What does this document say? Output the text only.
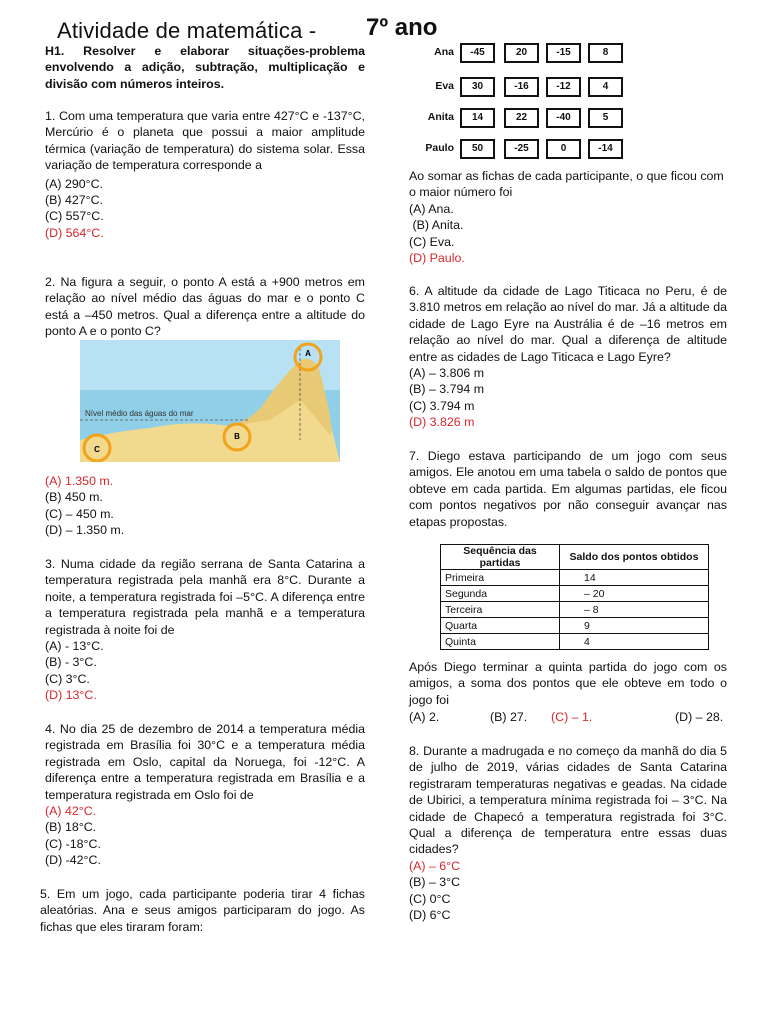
Atividade de matemática - 7º ano
H1. Resolver e elaborar situações-problema envolvendo a adição, subtração, multiplicação e divisão com números inteiros.

1. Com uma temperatura que varia entre 427°C e -137°C, Mercúrio é o planeta que possui a maior amplitude térmica (variação de temperatura) do sistema solar. Essa variação de temperatura corresponde a

(A) 290°C.
(B) 427°C.
(C) 557°C.
(D) 564°C.
2. Na figura a seguir, o ponto A está a +900 metros em relação ao nível médio das águas do mar e o ponto C está a –450 metros. Qual a diferença entre a altitude do ponto A e o ponto C?
Nível médio das águas do mar
A
B
C
(A) 1.350 m.
(B) 450 m.
(C) – 450 m.
(D) – 1.350 m.

3. Numa cidade da região serrana de Santa Catarina a temperatura registrada pela manhã era 8°C. Durante a noite, a temperatura registrada foi –5°C. A diferença entre a temperatura registrada pela manhã e a temperatura registrada à noite foi de

(A) - 13°C.
(B) - 3°C.
(C) 3°C.
(D) 13°C.

4. No dia 25 de dezembro de 2014 a temperatura média registrada em Brasília foi 30°C e a temperatura média registrada em Oslo, capital da Noruega, foi -12°C. A diferença entre a temperatura registrada em Brasília e a temperatura registrada em Oslo foi de

(A) 42°C.
(B) 18°C.
(C) -18°C.
(D) -42°C.
5. Em um jogo, cada participante poderia tirar 4 fichas aleatórias. Ana e seus amigos participaram do jogo. As fichas que eles tiraram foram:
Ana	-45	20	-15	8
Eva	30	-16	-12	4
Anita	14	22	-40	5
Paulo	50	-25	0	-14

Ao somar as fichas de cada participante, o que ficou com o maior número foi

(A) Ana.
(B) Anita.
(C) Eva.
(D) Paulo.

6. A altitude da cidade de Lago Titicaca no Peru, é de 3.810 metros em relação ao nível do mar. Já a altitude da cidade de Lago Eyre na Austrália é de –16 metros em relação ao nível do mar. Qual a diferença de altitude entre as cidades de Lago Titicaca e Lago Eyre?

(A) – 3.806 m
(B) – 3.794 m
(C) 3.794 m
(D) 3.826 m
7. Diego estava participando de um jogo com seus amigos. Ele anotou em uma tabela o saldo de pontos que obteve em cada partida. Em algumas partidas, ele ficou com pontos negativos por não conseguir avançar nas etapas propostas.
Sequência das partidas	Saldo dos pontos obtidos
Primeira	14
Segunda	– 20
Terceira	– 8
Quarta	9
Quinta	4
Após Diego terminar a quinta partida do jogo com os amigos, a soma dos pontos que ele obteve em todo o jogo foi
(A) 2.	(B) 27. (C) – 1.	(D) – 28.

8. Durante a madrugada e no começo da manhã do dia 5 de julho de 2019, várias cidades de Santa Catarina registraram temperaturas negativas e geadas. Na cidade de Ubirici, a temperatura mínima registrada foi – 3°C. Na cidade de Chapecó a temperatura registrada foi 3°C. Qual a diferença de temperatura entre essas duas cidades?

(A) – 6°C
(B) – 3°C
(C) 0°C
(D) 6°C
